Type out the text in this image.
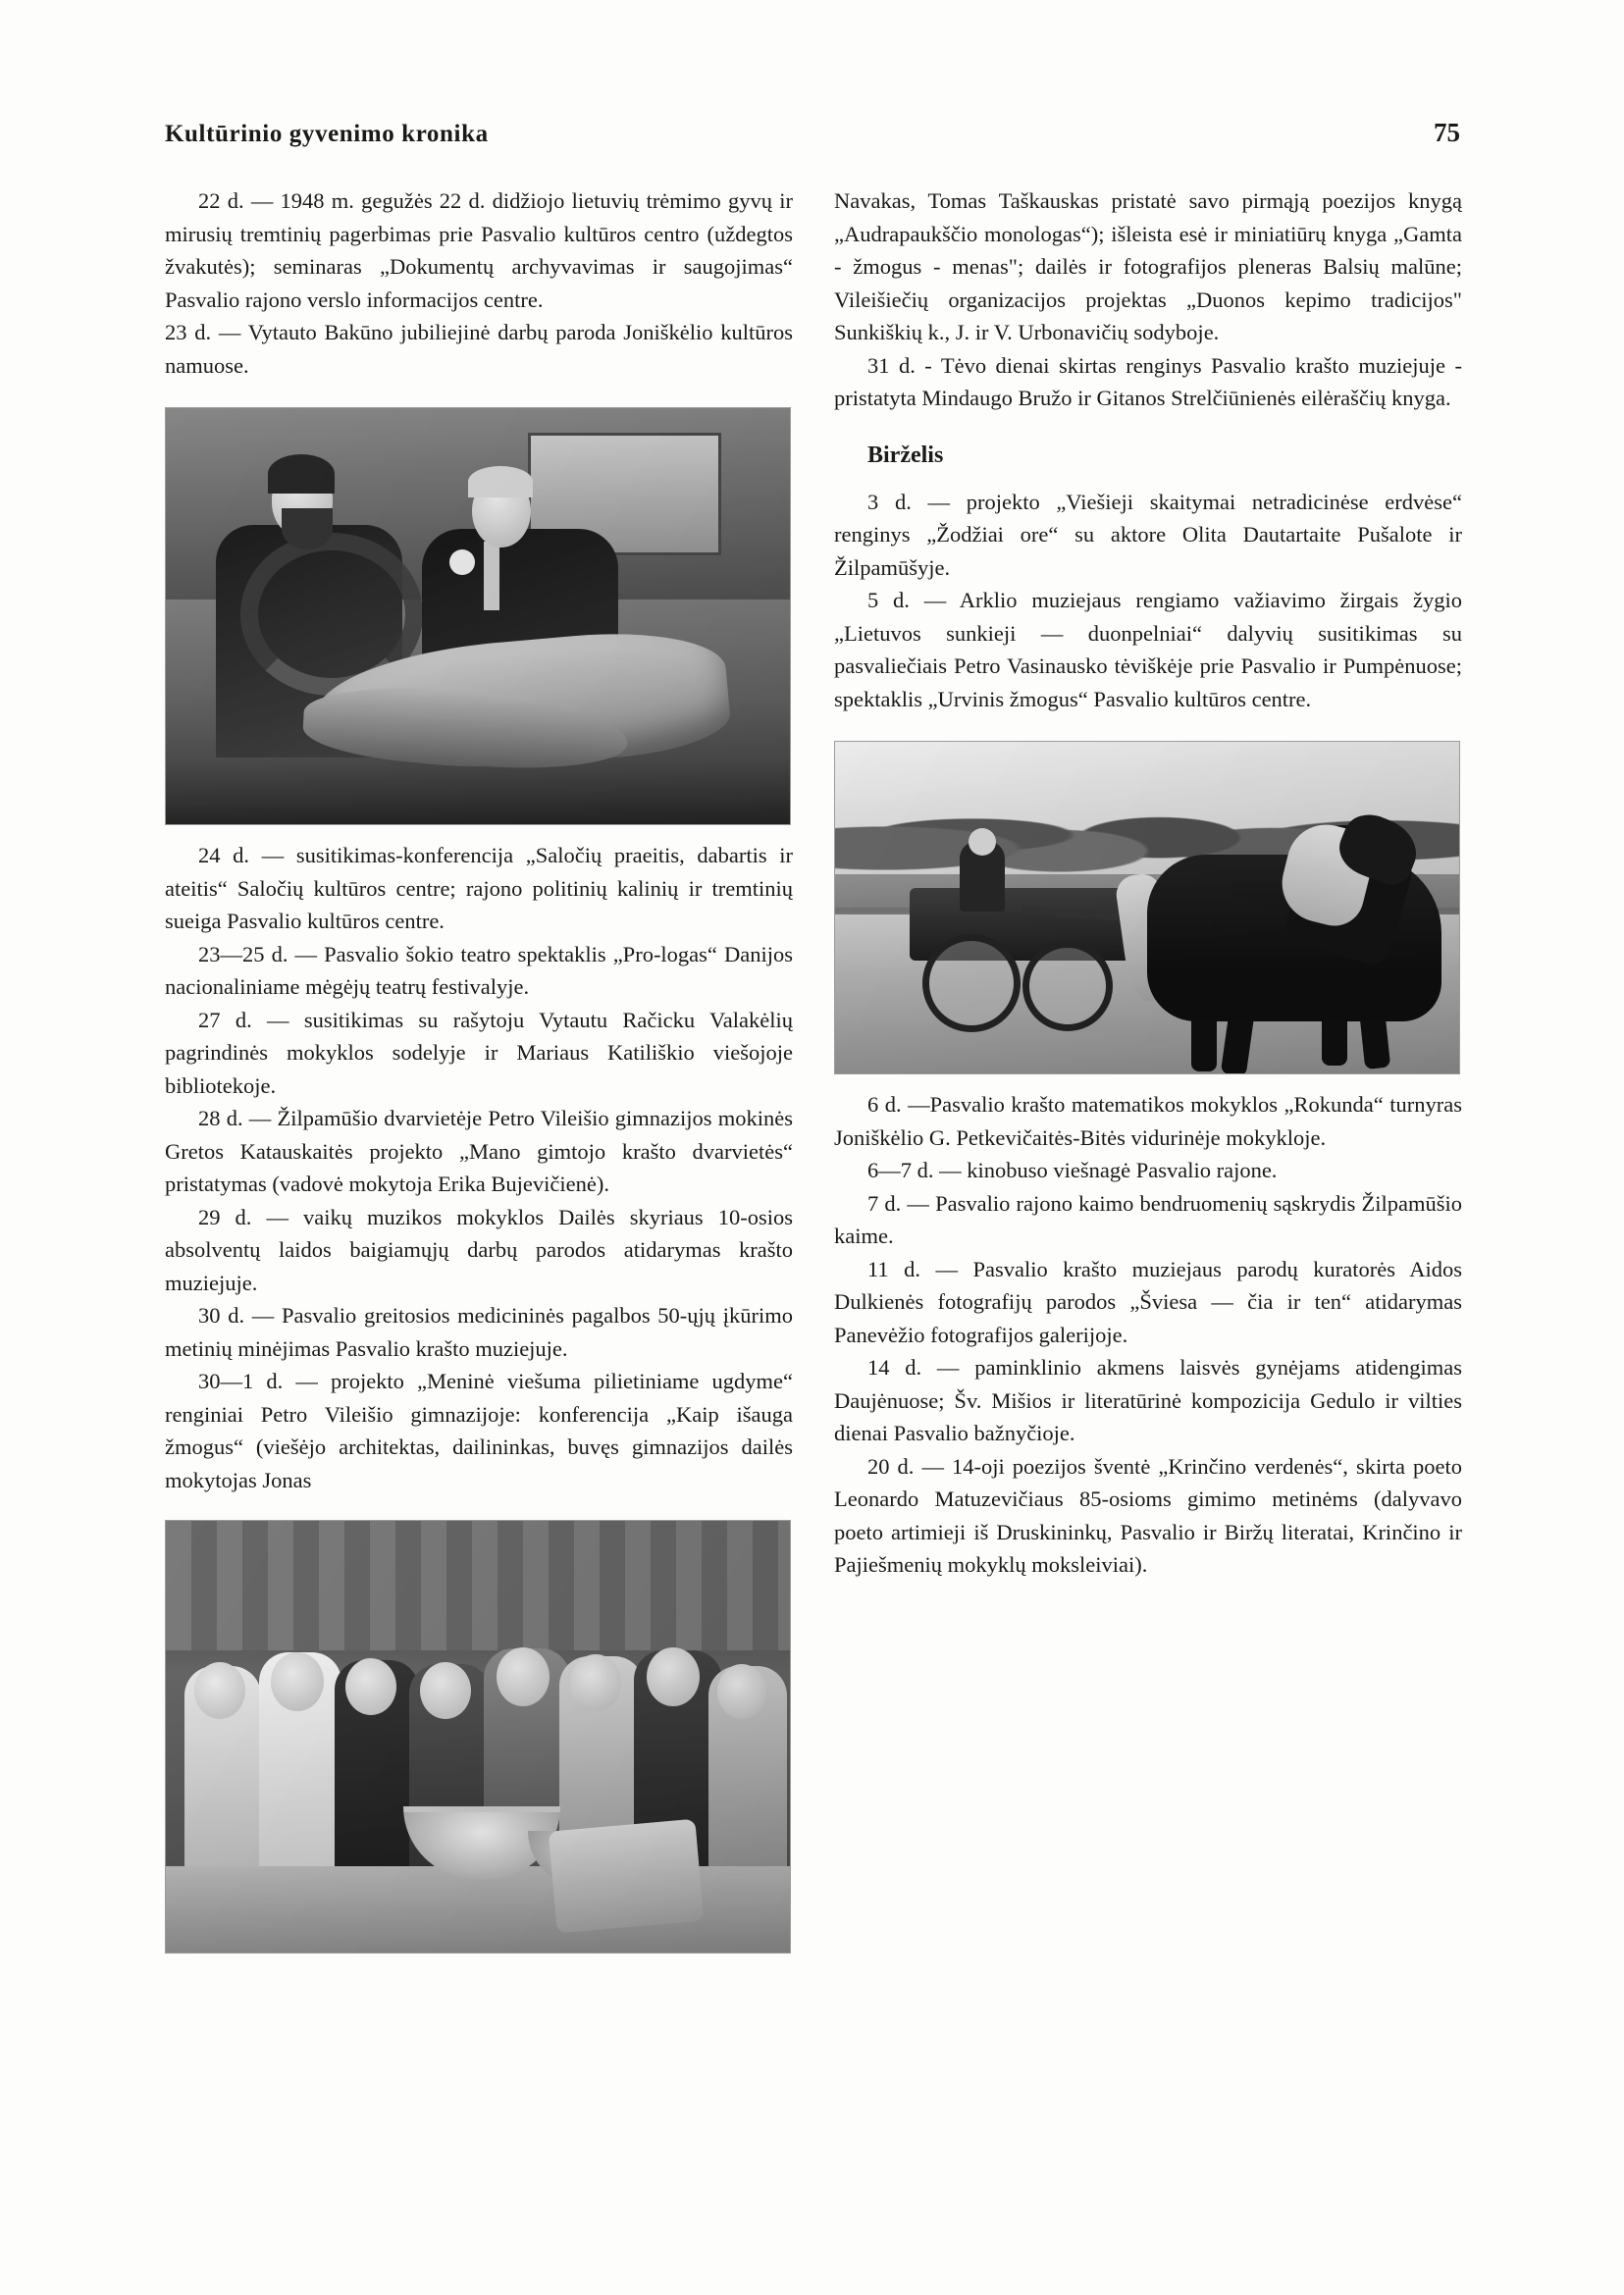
Kultūrinio gyvenimo kronika	75

22 d. — 1948 m. gegužės 22 d. didžiojo lietuvių trėmimo gyvų ir mirusių tremtinių pagerbimas prie Pasvalio kultūros centro (uždegtos žvakutės); seminaras „Dokumentų archyvavimas ir saugojimas“ Pasvalio rajono verslo informacijos centre.

23 d. — Vytauto Bakūno jubiliejinė darbų paroda Joniškėlio kultūros namuose.

24 d. — susitikimas-konferencija „Saločių praeitis, dabartis ir ateitis“ Saločių kultūros centre; rajono politinių kalinių ir tremtinių sueiga Pasvalio kultūros centre.

23—25 d. — Pasvalio šokio teatro spektaklis „Pro-logas“ Danijos nacionaliniame mėgėjų teatrų festivalyje.

27 d. — susitikimas su rašytoju Vytautu Račicku Valakėlių pagrindinės mokyklos sodelyje ir Mariaus Katiliškio viešojoje bibliotekoje.

28 d. — Žilpamūšio dvarvietėje Petro Vileišio gimnazijos mokinės Gretos Katauskaitės projekto „Mano gimtojo krašto dvarvietės“ pristatymas (vadovė mokytoja Erika Bujevičienė).

29 d. — vaikų muzikos mokyklos Dailės skyriaus 10-osios absolventų laidos baigiamųjų darbų parodos atidarymas krašto muziejuje.

30 d. — Pasvalio greitosios medicininės pagalbos 50-ųjų įkūrimo metinių minėjimas Pasvalio krašto muziejuje.

30—1 d. — projekto „Meninė viešuma pilietiniame ugdyme“ renginiai Petro Vileišio gimnazijoje: konferencija „Kaip išauga žmogus“ (viešėjo architektas, dailininkas, buvęs gimnazijos dailės mokytojas Jonas

Navakas, Tomas Taškauskas pristatė savo pirmąją poezijos knygą „Audrapaukščio monologas“); išleista esė ir miniatiūrų knyga „Gamta - žmogus - menas"; dailės ir fotografijos pleneras Balsių malūne; Vileišiečių organizacijos projektas „Duonos kepimo tradicijos" Sunkiškių k., J. ir V. Urbonavičių sodyboje.

31 d. - Tėvo dienai skirtas renginys Pasvalio krašto muziejuje - pristatyta Mindaugo Bružo ir Gitanos Strelčiūnienės eilėraščių knyga.

Birželis

3 d. — projekto „Viešieji skaitymai netradicinėse erdvėse“ renginys „Žodžiai ore“ su aktore Olita Dautartaite Pušalote ir Žilpamūšyje.

5 d. — Arklio muziejaus rengiamo važiavimo žirgais žygio „Lietuvos sunkieji — duonpelniai“ dalyvių susitikimas su pasvaliečiais Petro Vasinausko tėviškėje prie Pasvalio ir Pumpėnuose; spektaklis „Urvinis žmogus“ Pasvalio kultūros centre.

6 d. —Pasvalio krašto matematikos mokyklos „Rokunda“ turnyras Joniškėlio G. Petkevičaitės-Bitės vidurinėje mokykloje.

6—7 d. — kinobuso viešnagė Pasvalio rajone.

7 d. — Pasvalio rajono kaimo bendruomenių sąskrydis Žilpamūšio kaime.

11 d. — Pasvalio krašto muziejaus parodų kuratorės Aidos Dulkienės fotografijų parodos „Šviesa — čia ir ten“ atidarymas Panevėžio fotografijos galerijoje.

14 d. — paminklinio akmens laisvės gynėjams atidengimas Daujėnuose; Šv. Mišios ir literatūrinė kompozicija Gedulo ir vilties dienai Pasvalio bažnyčioje.

20 d. — 14-oji poezijos šventė „Krinčino verdenės“, skirta poeto Leonardo Matuzevičiaus 85-osioms gimimo metinėms (dalyvavo poeto artimieji iš Druskininkų, Pasvalio ir Biržų literatai, Krinčino ir Pajiešmenių mokyklų moksleiviai).
